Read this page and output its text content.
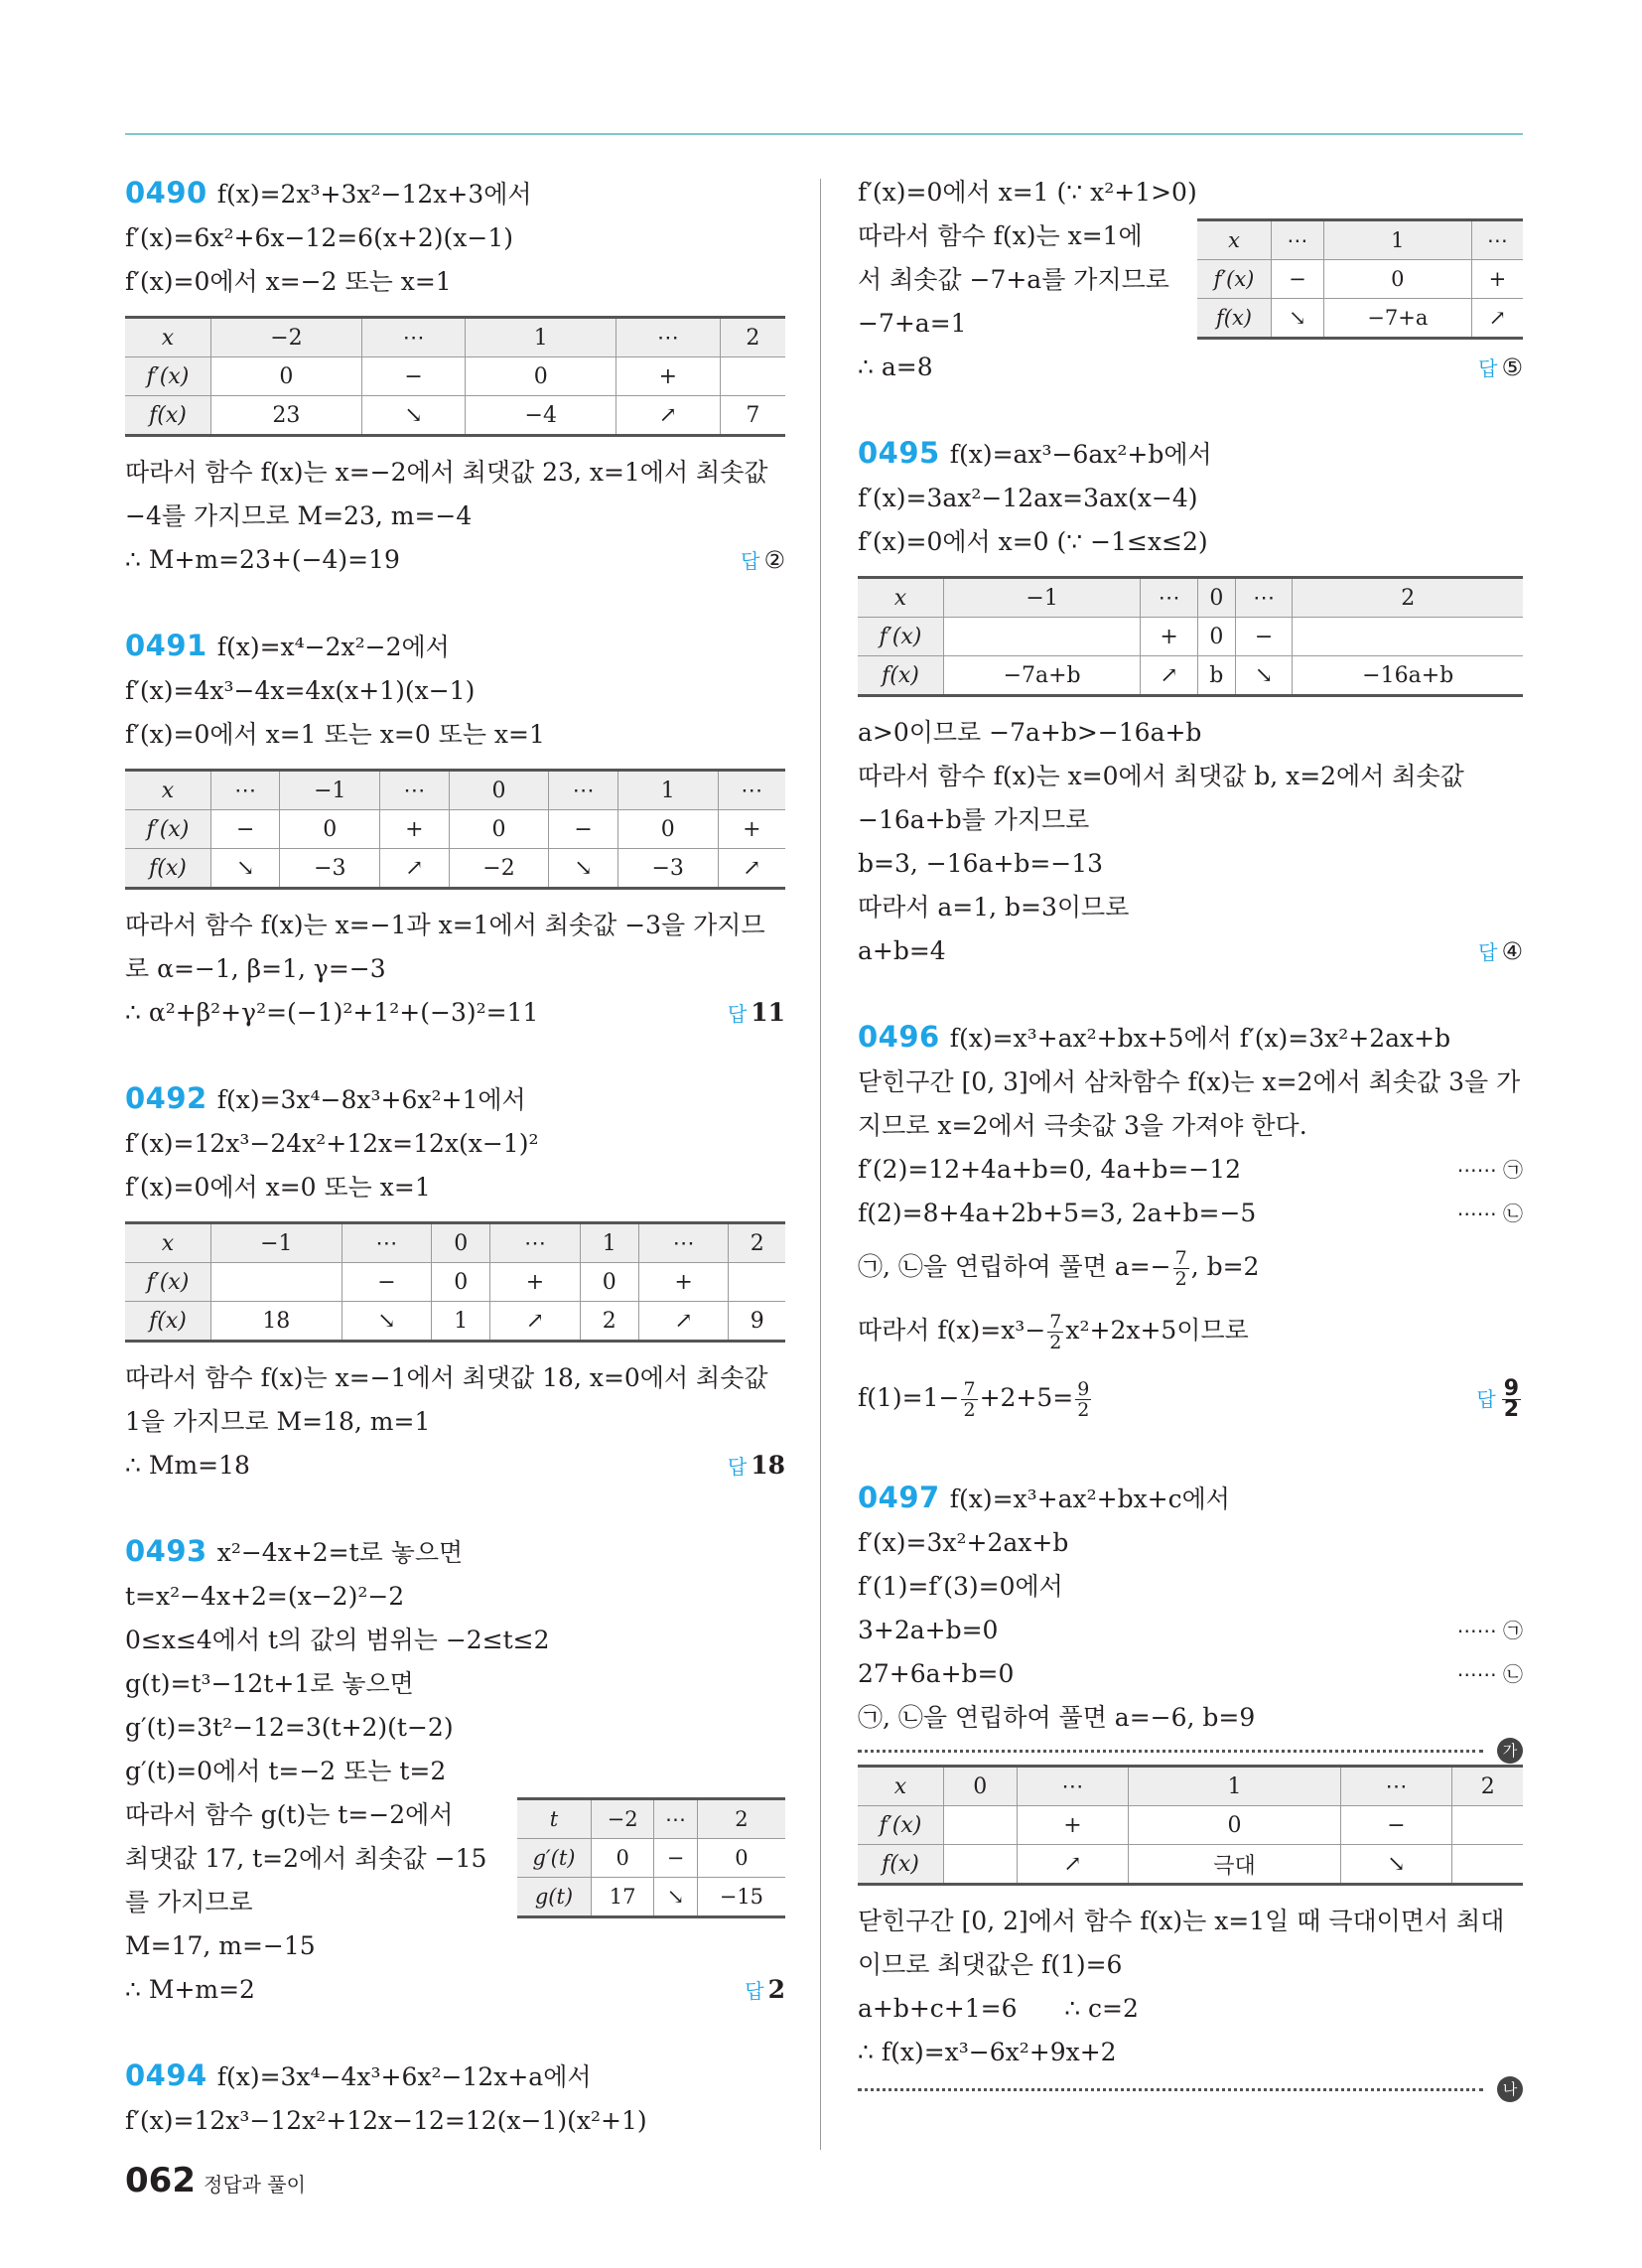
0490 f(x)=2x³+3x²−12x+3에서
f′(x)=6x²+6x−12=6(x+2)(x−1)
f′(x)=0에서 x=−2 또는 x=1
x	−2	⋯	1	⋯	2
f′(x)	0	−	0	+	
f(x)	23	↘	−4	↗	7
따라서 함수 f(x)는 x=−2에서 최댓값 23, x=1에서 최솟값
−4를 가지므로 M=23, m=−4
∴ M+m=23+(−4)=19	답 ②
0491 f(x)=x⁴−2x²−2에서
f′(x)=4x³−4x=4x(x+1)(x−1)
f′(x)=0에서 x=1 또는 x=0 또는 x=1
x	⋯	−1	⋯	0	⋯	1	⋯
f′(x)	−	0	+	0	−	0	+
f(x)	↘	−3	↗	−2	↘	−3	↗
따라서 함수 f(x)는 x=−1과 x=1에서 최솟값 −3을 가지므
로 α=−1, β=1, γ=−3
∴ α²+β²+γ²=(−1)²+1²+(−3)²=11	답 11
0492 f(x)=3x⁴−8x³+6x²+1에서
f′(x)=12x³−24x²+12x=12x(x−1)²
f′(x)=0에서 x=0 또는 x=1
x	−1	⋯	0	⋯	1	⋯	2
f′(x)		−	0	+	0	+	
f(x)	18	↘	1	↗	2	↗	9
따라서 함수 f(x)는 x=−1에서 최댓값 18, x=0에서 최솟값
1을 가지므로 M=18, m=1
∴ Mm=18	답 18
0493 x²−4x+2=t로 놓으면
t=x²−4x+2=(x−2)²−2
0≤x≤4에서 t의 값의 범위는 −2≤t≤2
g(t)=t³−12t+1로 놓으면
g′(t)=3t²−12=3(t+2)(t−2)
g′(t)=0에서 t=−2 또는 t=2
t	−2	⋯	2
g′(t)	0	−	0
g(t)	17	↘	−15
따라서 함수 g(t)는 t=−2에서
최댓값 17, t=2에서 최솟값 −15
를 가지므로
M=17, m=−15
∴ M+m=2	답 2
0494 f(x)=3x⁴−4x³+6x²−12x+a에서
f′(x)=12x³−12x²+12x−12=12(x−1)(x²+1)
f′(x)=0에서 x=1 (∵ x²+1>0)
x	⋯	1	⋯
f′(x)	−	0	+
f(x)	↘	−7+a	↗
따라서 함수 f(x)는 x=1에
서 최솟값 −7+a를 가지므로
−7+a=1
∴ a=8	답 ⑤
0495 f(x)=ax³−6ax²+b에서
f′(x)=3ax²−12ax=3ax(x−4)
f′(x)=0에서 x=0 (∵ −1≤x≤2)
x	−1	⋯	0	⋯	2
f′(x)		+	0	−	
f(x)	−7a+b	↗	b	↘	−16a+b
a>0이므로 −7a+b>−16a+b
따라서 함수 f(x)는 x=0에서 최댓값 b, x=2에서 최솟값
−16a+b를 가지므로
b=3, −16a+b=−13
따라서 a=1, b=3이므로
a+b=4	답 ④
0496 f(x)=x³+ax²+bx+5에서 f′(x)=3x²+2ax+b
닫힌구간 [0, 3]에서 삼차함수 f(x)는 x=2에서 최솟값 3을 가
지므로 x=2에서 극솟값 3을 가져야 한다.
f′(2)=12+4a+b=0, 4a+b=−12	⋯⋯ ㉠
f(2)=8+4a+2b+5=3, 2a+b=−5	⋯⋯ ㉡
㉠, ㉡을 연립하여 풀면 $a=- \frac{7}{2}$ , b=2
따라서 $f(x)=x^3- \frac{7}{2} x^2+2x+5$이므로
$f(1)=1- \frac{7}{2} +2+5= \frac{9}{2}$	답 $\frac{9}{2}$
0497 f(x)=x³+ax²+bx+c에서
f′(x)=3x²+2ax+b
f′(1)=f′(3)=0에서
3+2a+b=0	⋯⋯ ㉠
27+6a+b=0	⋯⋯ ㉡
㉠, ㉡을 연립하여 풀면 a=−6, b=9
가
x	0	⋯	1	⋯	2
f′(x)		+	0	−	
f(x)		↗	극대	↘	
닫힌구간 [0, 2]에서 함수 f(x)는 x=1일 때 극대이면서 최대
이므로 최댓값은 f(1)=6
a+b+c+1=6      ∴ c=2
∴ f(x)=x³−6x²+9x+2
나
062 정답과 풀이
